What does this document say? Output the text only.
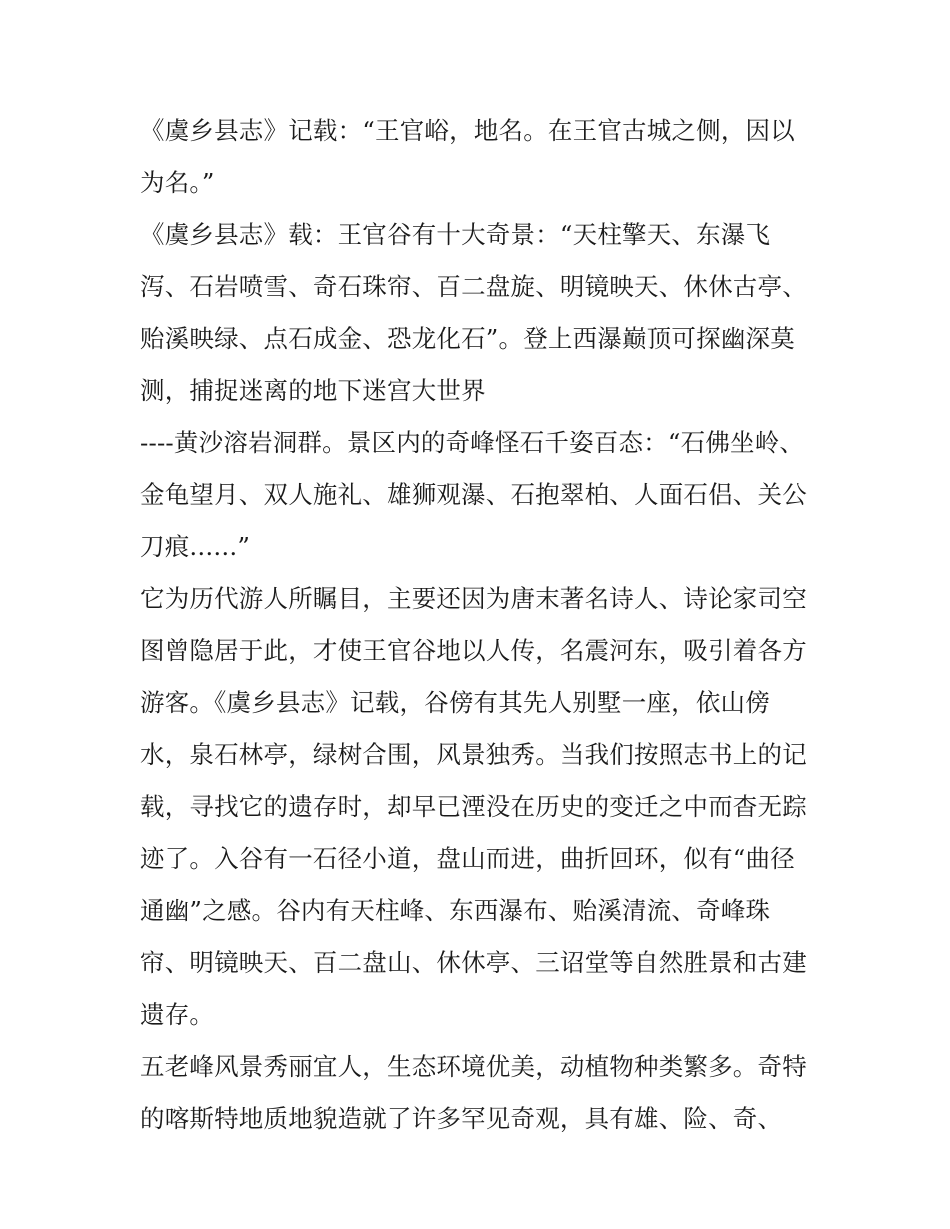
《虞乡县志》记载：“王官峪，地名。在王官古城之侧，因以
为名。”
《虞乡县志》载：王官谷有十大奇景：“天柱擎天、东瀑飞
泻、石岩喷雪、奇石珠帘、百二盘旋、明镜映天、休休古亭、
贻溪映绿、点石成金、恐龙化石”。登上西瀑巅顶可探幽深莫
测，捕捉迷离的地下迷宫大世界
----黄沙溶岩洞群。景区内的奇峰怪石千姿百态：“石佛坐岭、
金龟望月、双人施礼、雄狮观瀑、石抱翠柏、人面石侣、关公
刀痕......”
它为历代游人所瞩目，主要还因为唐末著名诗人、诗论家司空
图曾隐居于此，才使王官谷地以人传，名震河东，吸引着各方
游客。《虞乡县志》记载，谷傍有其先人别墅一座，依山傍
水，泉石林亭，绿树合围，风景独秀。当我们按照志书上的记
载，寻找它的遗存时，却早已湮没在历史的变迁之中而杳无踪
迹了。入谷有一石径小道，盘山而进，曲折回环，似有“曲径
通幽”之感。谷内有天柱峰、东西瀑布、贻溪清流、奇峰珠
帘、明镜映天、百二盘山、休休亭、三诏堂等自然胜景和古建
遗存。
五老峰风景秀丽宜人，生态环境优美，动植物种类繁多。奇特
的喀斯特地质地貌造就了许多罕见奇观，具有雄、险、奇、
